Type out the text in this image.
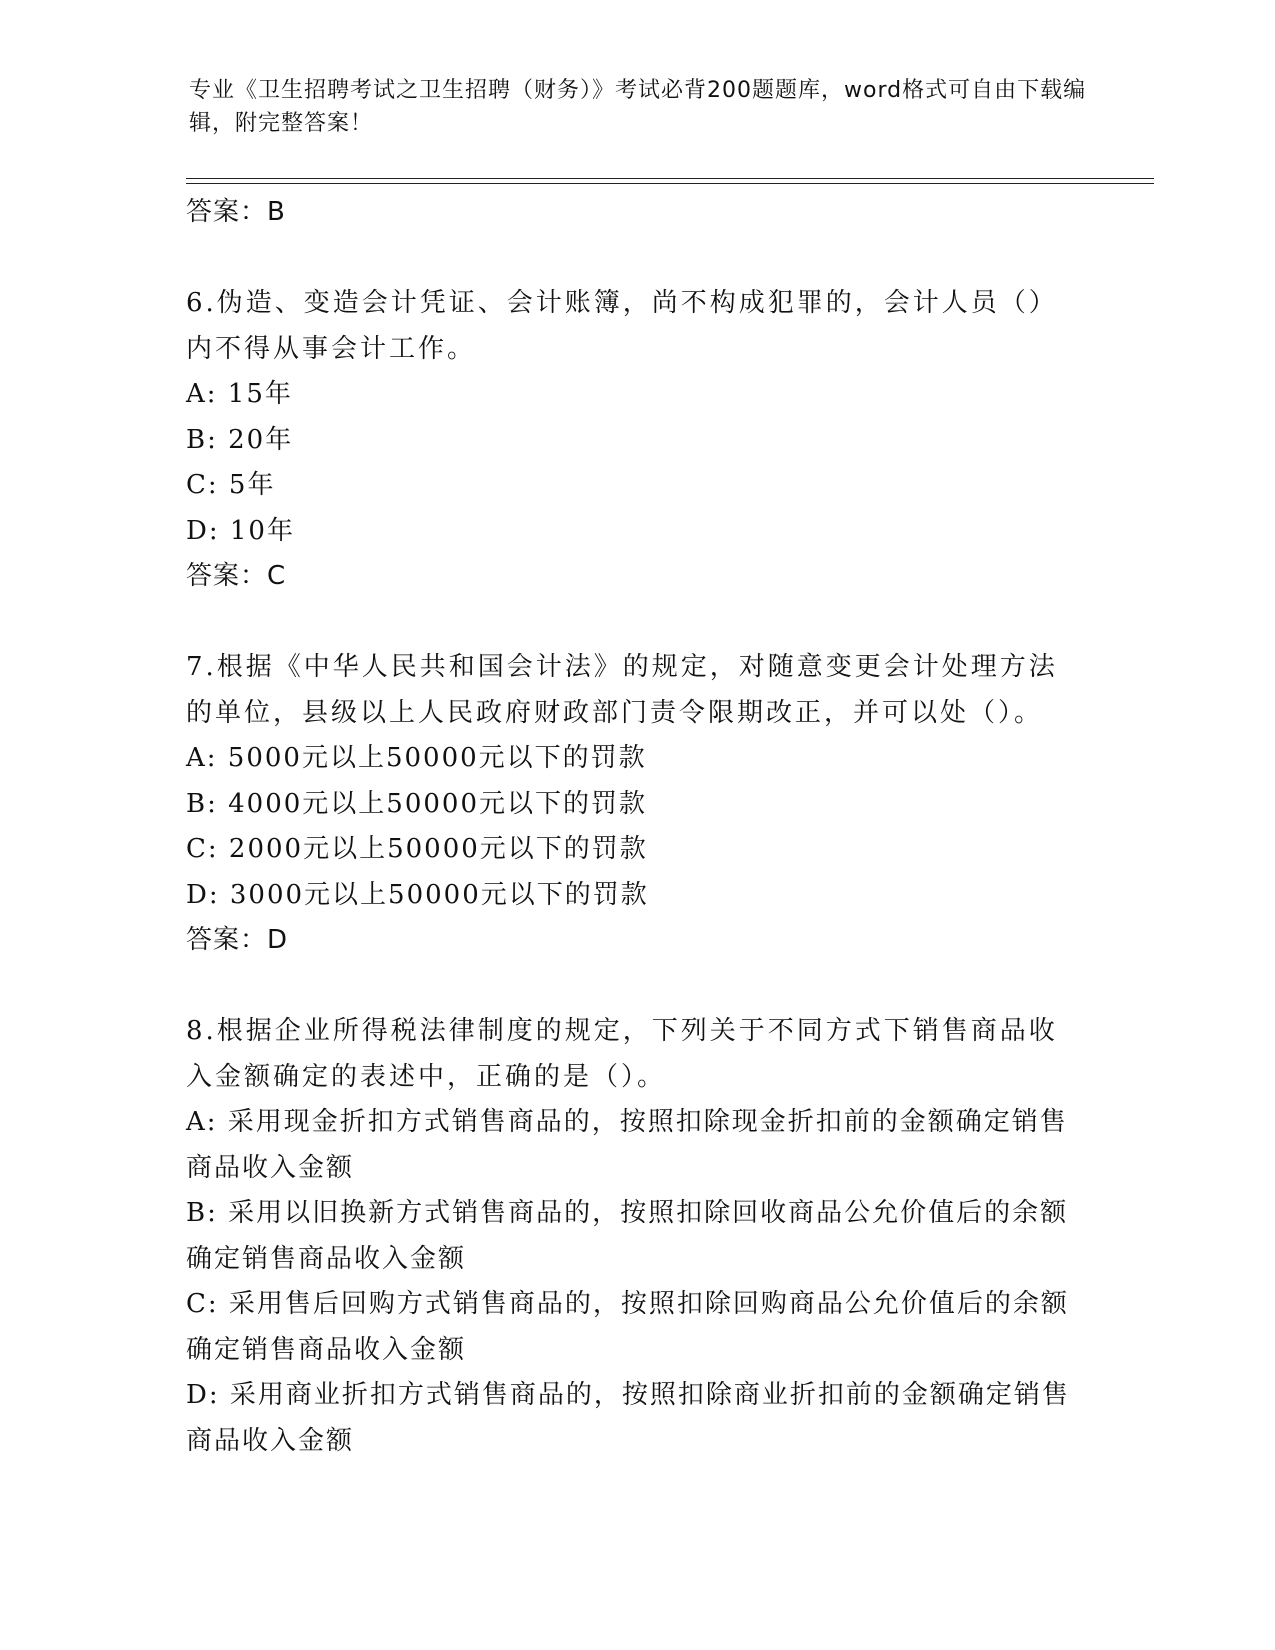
专业《卫生招聘考试之卫生招聘（财务）》考试必背200题题库，word格式可自由下载编辑，附完整答案！
答案：B
6.伪造、变造会计凭证、会计账簿，尚不构成犯罪的，会计人员（）内不得从事会计工作。
A: 15年
B: 20年
C: 5年
D: 10年
答案：C
7.根据《中华人民共和国会计法》的规定，对随意变更会计处理方法的单位，县级以上人民政府财政部门责令限期改正，并可以处（）。
A: 5000元以上50000元以下的罚款
B: 4000元以上50000元以下的罚款
C: 2000元以上50000元以下的罚款
D: 3000元以上50000元以下的罚款
答案：D
8.根据企业所得税法律制度的规定，下列关于不同方式下销售商品收入金额确定的表述中，正确的是（）。
A: 采用现金折扣方式销售商品的，按照扣除现金折扣前的金额确定销售商品收入金额
B: 采用以旧换新方式销售商品的，按照扣除回收商品公允价值后的余额确定销售商品收入金额
C: 采用售后回购方式销售商品的，按照扣除回购商品公允价值后的余额确定销售商品收入金额
D: 采用商业折扣方式销售商品的，按照扣除商业折扣前的金额确定销售商品收入金额
